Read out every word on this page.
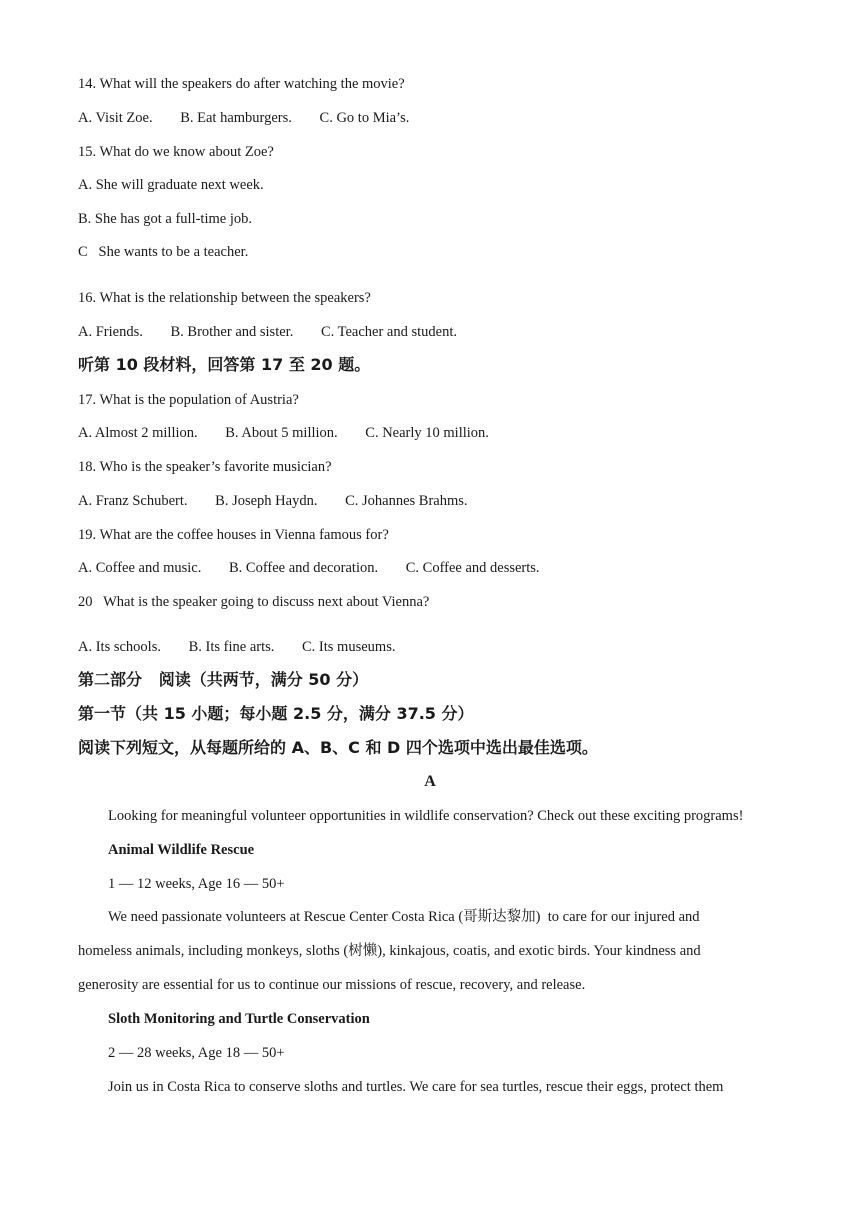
14. What will the speakers do after watching the movie?
A. Visit Zoe. B. Eat hamburgers. C. Go to Mia’s.
15. What do we know about Zoe?
A. She will graduate next week.
B. She has got a full-time job.
C   She wants to be a teacher.
16. What is the relationship between the speakers?
A. Friends. B. Brother and sister. C. Teacher and student.
听第 10 段材料，回答第 17 至 20 题。
17. What is the population of Austria?
A. Almost 2 million. B. About 5 million. C. Nearly 10 million.
18. Who is the speaker’s favorite musician?
A. Franz Schubert. B. Joseph Haydn. C. Johannes Brahms.
19. What are the coffee houses in Vienna famous for?
A. Coffee and music. B. Coffee and decoration. C. Coffee and desserts.
20   What is the speaker going to discuss next about Vienna?
A. Its schools. B. Its fine arts. C. Its museums.
第二部分   阅读（共两节，满分 50 分）
第一节（共 15 小题；每小题 2.5 分，满分 37.5 分）
阅读下列短文，从每题所给的 A、B、C 和 D 四个选项中选出最佳选项。
A
Looking for meaningful volunteer opportunities in wildlife conservation? Check out these exciting programs!
Animal Wildlife Rescue
1 — 12 weeks, Age 16 — 50+
We need passionate volunteers at Rescue Center Costa Rica (哥斯达黎加)  to care for our injured and
homeless animals, including monkeys, sloths (树懒), kinkajous, coatis, and exotic birds. Your kindness and
generosity are essential for us to continue our missions of rescue, recovery, and release.
Sloth Monitoring and Turtle Conservation
2 — 28 weeks, Age 18 — 50+
Join us in Costa Rica to conserve sloths and turtles. We care for sea turtles, rescue their eggs, protect them
